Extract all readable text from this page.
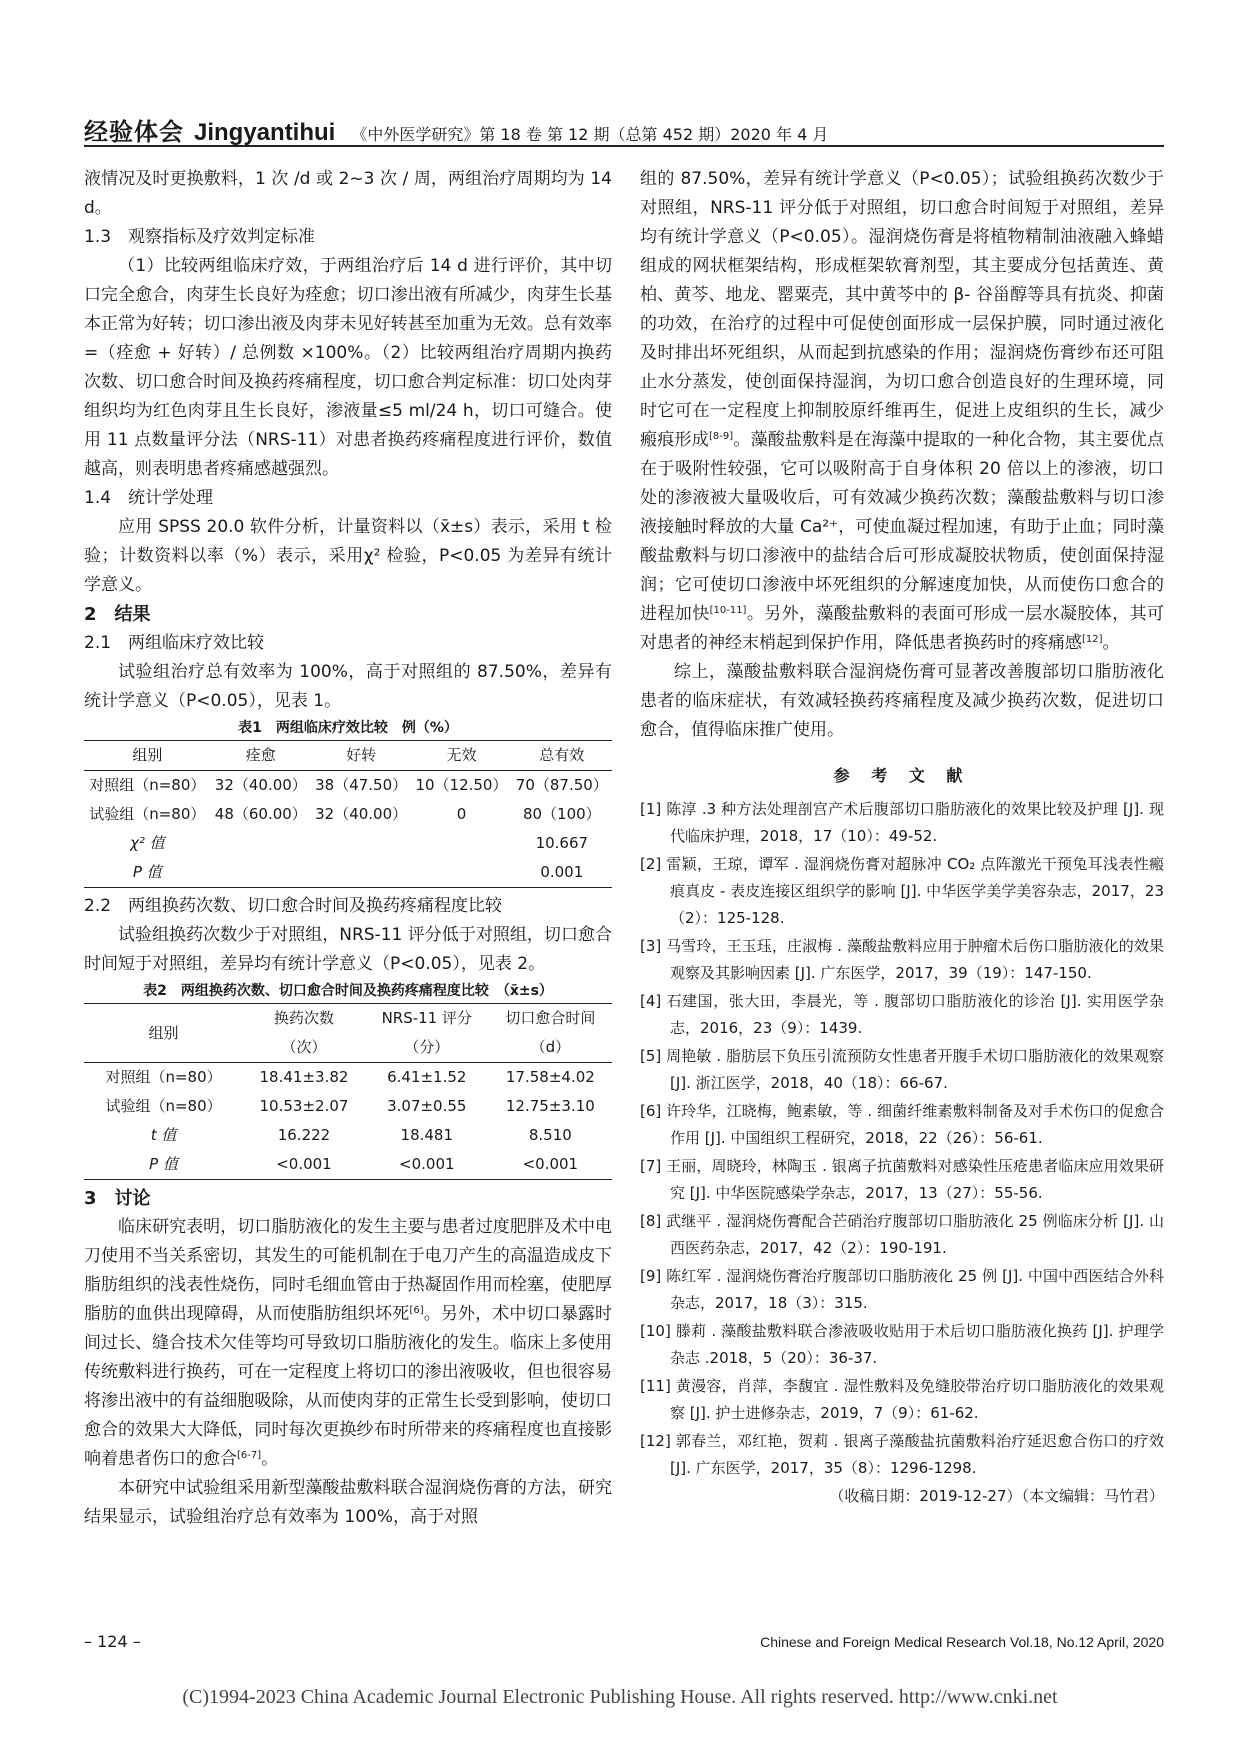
经验体会 Jingyantihui 《中外医学研究》第 18 卷 第 12 期（总第 452 期）2020 年 4 月

液情况及时更换敷料，1 次 /d 或 2~3 次 / 周，两组治疗周期均为 14 d。

1.3　观察指标及疗效判定标准

（1）比较两组临床疗效，于两组治疗后 14 d 进行评价，其中切口完全愈合，肉芽生长良好为痊愈；切口渗出液有所减少，肉芽生长基本正常为好转；切口渗出液及肉芽未见好转甚至加重为无效。总有效率 =（痊愈 + 好转）/ 总例数 ×100%。（2）比较两组治疗周期内换药次数、切口愈合时间及换药疼痛程度，切口愈合判定标准：切口处肉芽组织均为红色肉芽且生长良好，渗液量≤5 ml/24 h，切口可缝合。使用 11 点数量评分法（NRS-11）对患者换药疼痛程度进行评价，数值越高，则表明患者疼痛感越强烈。

1.4　统计学处理

应用 SPSS 20.0 软件分析，计量资料以（x̄±s）表示，采用 t 检验；计数资料以率（%）表示，采用χ² 检验，P<0.05 为差异有统计学意义。

2　结果
2.1　两组临床疗效比较

试验组治疗总有效率为 100%，高于对照组的 87.50%，差异有统计学意义（P<0.05），见表 1。

表1　两组临床疗效比较　例（%）

组别	痊愈	好转	无效	总有效
对照组（n=80）	32（40.00）	38（47.50）	10（12.50）	70（87.50）
试验组（n=80）	48（60.00）	32（40.00）	0	80（100）
χ² 值				10.667
P 值				0.001
2.2　两组换药次数、切口愈合时间及换药疼痛程度比较

试验组换药次数少于对照组，NRS-11 评分低于对照组，切口愈合时间短于对照组，差异均有统计学意义（P<0.05），见表 2。

表2　两组换药次数、切口愈合时间及换药疼痛程度比较　（x̄±s）

组别	换药次数	NRS-11 评分	切口愈合时间
	（次）	（分）	（d）
对照组（n=80）	18.41±3.82	6.41±1.52	17.58±4.02
试验组（n=80）	10.53±2.07	3.07±0.55	12.75±3.10
t 值	16.222	18.481	8.510
P 值	<0.001	<0.001	<0.001
3　讨论

临床研究表明，切口脂肪液化的发生主要与患者过度肥胖及术中电刀使用不当关系密切，其发生的可能机制在于电刀产生的高温造成皮下脂肪组织的浅表性烧伤，同时毛细血管由于热凝固作用而栓塞，使肥厚脂肪的血供出现障碍，从而使脂肪组织坏死[6]。另外，术中切口暴露时间过长、缝合技术欠佳等均可导致切口脂肪液化的发生。临床上多使用传统敷料进行换药，可在一定程度上将切口的渗出液吸收，但也很容易将渗出液中的有益细胞吸除，从而使肉芽的正常生长受到影响，使切口愈合的效果大大降低，同时每次更换纱布时所带来的疼痛程度也直接影响着患者伤口的愈合[6-7]。

本研究中试验组采用新型藻酸盐敷料联合湿润烧伤膏的方法，研究结果显示，试验组治疗总有效率为 100%，高于对照

组的 87.50%，差异有统计学意义（P<0.05）；试验组换药次数少于对照组，NRS-11 评分低于对照组，切口愈合时间短于对照组，差异均有统计学意义（P<0.05）。湿润烧伤膏是将植物精制油液融入蜂蜡组成的网状框架结构，形成框架软膏剂型，其主要成分包括黄连、黄柏、黄芩、地龙、罂粟壳，其中黄芩中的 β- 谷甾醇等具有抗炎、抑菌的功效，在治疗的过程中可促使创面形成一层保护膜，同时通过液化及时排出坏死组织，从而起到抗感染的作用；湿润烧伤膏纱布还可阻止水分蒸发，使创面保持湿润，为切口愈合创造良好的生理环境，同时它可在一定程度上抑制胶原纤维再生，促进上皮组织的生长，减少瘢痕形成[8-9]。藻酸盐敷料是在海藻中提取的一种化合物，其主要优点在于吸附性较强，它可以吸附高于自身体积 20 倍以上的渗液，切口处的渗液被大量吸收后，可有效减少换药次数；藻酸盐敷料与切口渗液接触时释放的大量 Ca²⁺，可使血凝过程加速，有助于止血；同时藻酸盐敷料与切口渗液中的盐结合后可形成凝胶状物质，使创面保持湿润；它可使切口渗液中坏死组织的分解速度加快，从而使伤口愈合的进程加快[10-11]。另外，藻酸盐敷料的表面可形成一层水凝胶体，其可对患者的神经末梢起到保护作用，降低患者换药时的疼痛感[12]。

综上，藻酸盐敷料联合湿润烧伤膏可显著改善腹部切口脂肪液化患者的临床症状，有效减轻换药疼痛程度及减少换药次数，促进切口愈合，值得临床推广使用。

参 考 文 献

[1] 陈淳 .3 种方法处理剖宫产术后腹部切口脂肪液化的效果比较及护理 [J]. 现代临床护理，2018，17（10）：49-52.

[2] 雷颖，王琼，谭军 . 湿润烧伤膏对超脉冲 CO₂ 点阵激光干预兔耳浅表性瘢痕真皮 - 表皮连接区组织学的影响 [J]. 中华医学美学美容杂志，2017，23（2）：125-128.

[3] 马雪玲，王玉珏，庄淑梅 . 藻酸盐敷料应用于肿瘤术后伤口脂肪液化的效果观察及其影响因素 [J]. 广东医学，2017，39（19）：147-150.

[4] 石建国，张大田，李晨光，等 . 腹部切口脂肪液化的诊治 [J]. 实用医学杂志，2016，23（9）：1439.

[5] 周艳敏 . 脂肪层下负压引流预防女性患者开腹手术切口脂肪液化的效果观察 [J]. 浙江医学，2018，40（18）：66-67.

[6] 许玲华，江晓梅，鲍素敏，等 . 细菌纤维素敷料制备及对手术伤口的促愈合作用 [J]. 中国组织工程研究，2018，22（26）：56-61.

[7] 王丽，周晓玲，林陶玉 . 银离子抗菌敷料对感染性压疮患者临床应用效果研究 [J]. 中华医院感染学杂志，2017，13（27）：55-56.

[8] 武继平 . 湿润烧伤膏配合芒硝治疗腹部切口脂肪液化 25 例临床分析 [J]. 山西医药杂志，2017，42（2）：190-191.

[9] 陈红军 . 湿润烧伤膏治疗腹部切口脂肪液化 25 例 [J]. 中国中西医结合外科杂志，2017，18（3）：315.

[10] 滕莉 . 藻酸盐敷料联合渗液吸收贴用于术后切口脂肪液化换药 [J]. 护理学杂志 .2018，5（20）：36-37.

[11] 黄漫容，肖萍，李馥宜 . 湿性敷料及免缝胶带治疗切口脂肪液化的效果观察 [J]. 护士进修杂志，2019，7（9）：61-62.

[12] 郭春兰，邓红艳，贺莉 . 银离子藻酸盐抗菌敷料治疗延迟愈合伤口的疗效 [J]. 广东医学，2017，35（8）：1296-1298.

（收稿日期：2019-12-27）（本文编辑：马竹君）

– 124 –	Chinese and Foreign Medical Research Vol.18, No.12 April, 2020
(C)1994-2023 China Academic Journal Electronic Publishing House. All rights reserved. http://www.cnki.net
